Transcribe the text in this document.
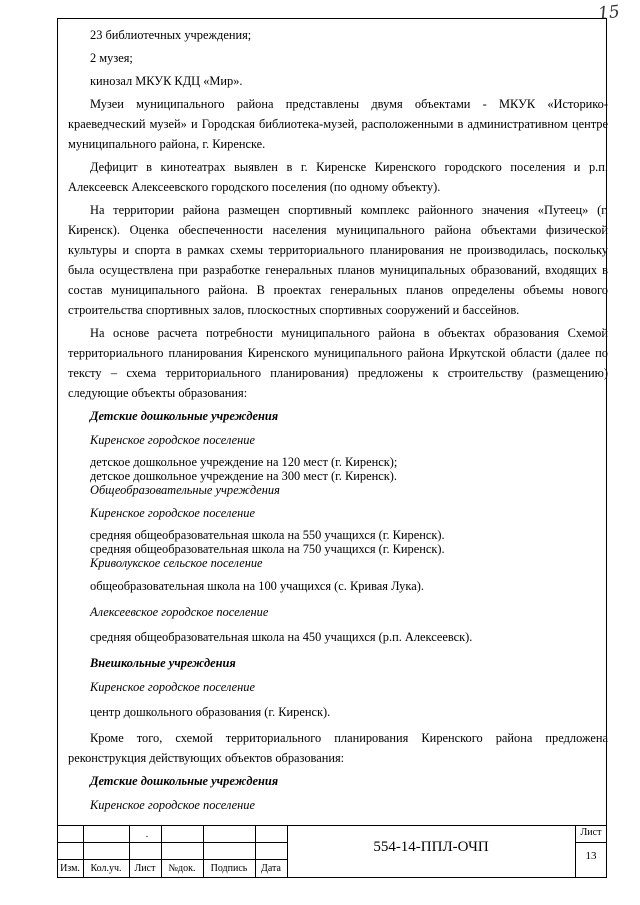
15

23 библиотечных учреждения;

2 музея;

кинозал МКУК КДЦ «Мир».

Музеи муниципального района представлены двумя объектами - МКУК «Историко-краеведческий музей» и Городская библиотека-музей, расположенными в административном центре муниципального района, г. Киренске.

Дефицит в кинотеатрах выявлен в г. Киренске Киренского городского поселения и р.п. Алексеевск Алексеевского городского поселения (по одному объекту).

На территории района размещен спортивный комплекс районного значения «Путеец» (г. Киренск). Оценка обеспеченности населения муниципального района объектами физической культуры и спорта в рамках схемы территориального планирования не производилась, поскольку была осуществлена при разработке генеральных планов муниципальных образований, входящих в состав муниципального района. В проектах генеральных планов определены объемы нового строительства спортивных залов, плоскостных спортивных сооружений и бассейнов.

На основе расчета потребности муниципального района в объектах образования Схемой территориального планирования Киренского муниципального района Иркутской области (далее по тексту – схема территориального планирования) предложены к строительству (размещению) следующие объекты образования:

Детские дошкольные учреждения

Киренское городское поселение

детское дошкольное учреждение на 120 мест (г. Киренск);
детское дошкольное учреждение на 300 мест (г. Киренск).
Общеобразовательные учреждения

Киренское городское поселение

средняя общеобразовательная школа на 550 учащихся (г. Киренск).
средняя общеобразовательная школа на 750 учащихся (г. Киренск).
Криволукское сельское поселение

общеобразовательная школа на 100 учащихся (с. Кривая Лука).

Алексеевское городское поселение

средняя общеобразовательная школа на 450 учащихся (р.п. Алексеевск).

Внешкольные учреждения

Киренское городское поселение

центр дошкольного образования (г. Киренск).

Кроме того, схемой территориального планирования Киренского района предложена реконструкция действующих объектов образования:

Детские дошкольные учреждения

Киренское городское поселение

.
Изм.	Кол.уч.	Лист	№док.	Подпись	Дата
554-14-ППЛ-ОЧП
Лист
13
